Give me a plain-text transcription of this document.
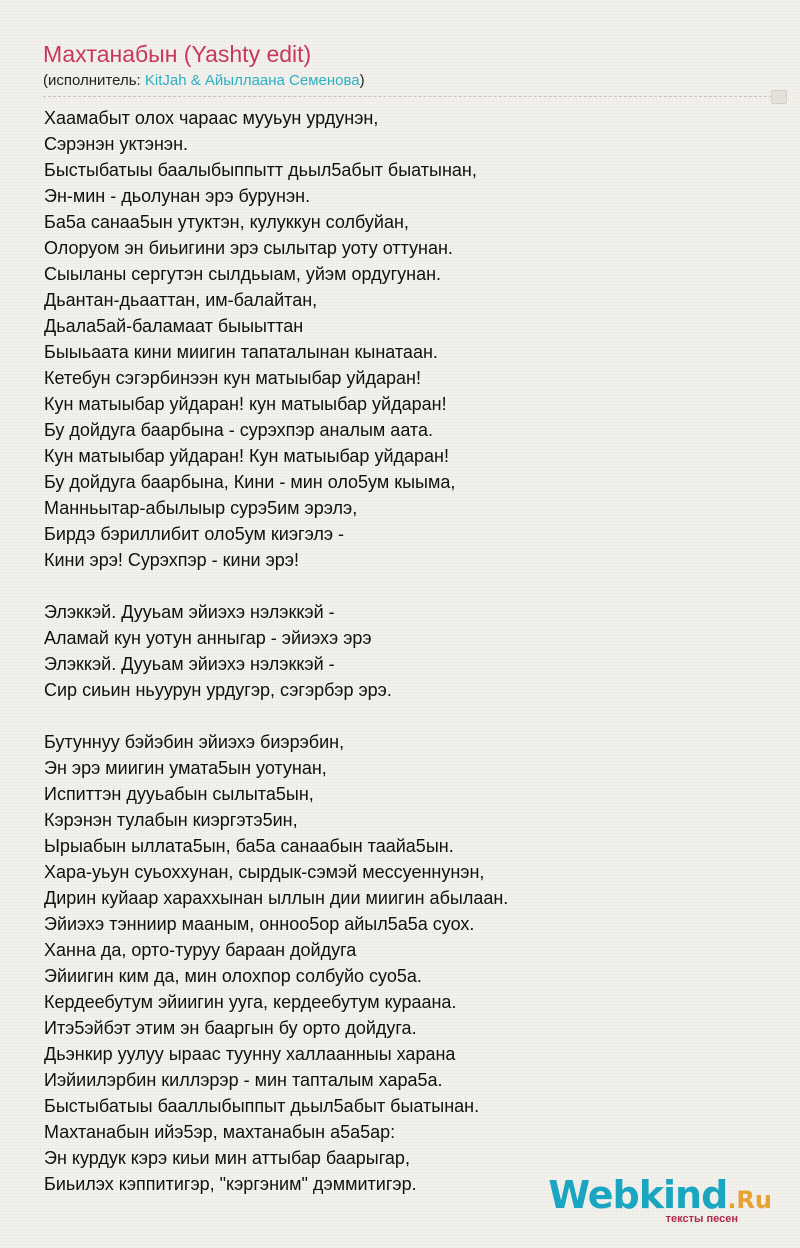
Махтанабын (Yashty edit)
(исполнитель: KitJah & Айыллаана Семенова)
Хаамабыт олох чараас мууьун урдунэн,
Сэрэнэн уктэнэн.
Быстыбатыы баалыбыппытт дьыл5абыт быатынан,
Эн-мин - дьолунан эрэ бурунэн.
Ба5а санаа5ын утуктэн, кулуккун солбуйан,
Олоруом эн биьигини эрэ сылытар уоту оттунан.
Сыыланы сергутэн сылдьыам, уйэм ордугунан.
Дьантан-дьааттан, им-балайтан,
Дьала5ай-баламаат быыыттан
Быыьаата кини миигин тапаталынан кынатаан.
Кетебун сэгэрбинээн кун матыыбар уйдаран!
Кун матыыбар уйдаран! кун матыыбар уйдаран!
Бу дойдуга баарбына - сурэхпэр аналым аата.
Кун матыыбар уйдаран! Кун матыыбар уйдаран!
Бу дойдуга баарбына, Кини - мин оло5ум кыыма,
Манньытар-абылыыр сурэ5им эрэлэ,
Бирдэ бэриллибит оло5ум киэгэлэ -
Кини эрэ! Сурэхпэр - кини эрэ!
Элэккэй. Дууьам эйиэхэ нэлэккэй -
Аламай кун уотун анныгар - эйиэхэ эрэ
Элэккэй. Дууьам эйиэхэ нэлэккэй -
Сир сиьин ньуурун урдугэр, сэгэрбэр эрэ.
Бутуннуу бэйэбин эйиэхэ биэрэбин,
Эн эрэ миигин умата5ын уотунан,
Испиттэн дууьабын сылыта5ын,
Кэрэнэн тулабын киэргэтэ5ин,
Ырыабын ыллата5ын, ба5а санаабын таайа5ын.
Хара-уьун суьоххунан, сырдык-сэмэй мессуеннунэн,
Дирин куйаар хараххынан ыллын дии миигин абылаан.
Эйиэхэ тэнниир мааным, онноо5ор айыл5а5а суох.
Ханна да, орто-туруу бараан дойдуга
Эйиигин ким да, мин олохпор солбуйо суо5а.
Кердеебутум эйиигин ууга, кердеебутум кураана.
Итэ5эйбэт этим эн бааргын бу орто дойдуга.
Дьэнкир уулуу ыраас туунну халлаанныы харана
Иэйиилэрбин киллэрэр - мин тапталым хара5а.
Быстыбатыы бааллыбыппыт дьыл5абыт быатынан.
Махтанабын ийэ5эр, махтанабын а5а5ар:
Эн курдук кэрэ киьи мин аттыбар баарыгар,
Биьилэх кэппитигэр, "кэргэним" дэммитигэр.	Webkind.Ru
тексты песен
